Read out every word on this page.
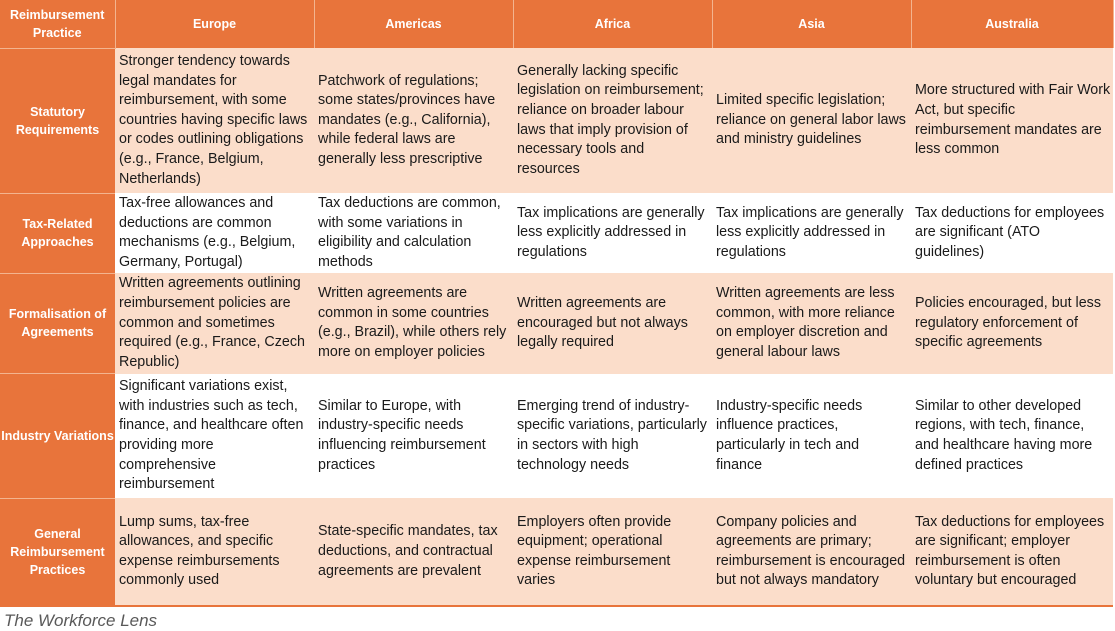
Reimbursement Practice	Europe	Americas	Africa	Asia	Australia
Statutory Requirements	Stronger tendency towards legal mandates for reimbursement, with some countries having specific laws or codes outlining obligations (e.g., France, Belgium, Netherlands)	Patchwork of regulations; some states/provinces have mandates (e.g., California), while federal laws are generally less prescriptive	Generally lacking specific legislation on reimbursement; reliance on broader labour laws that imply provision of necessary tools and resources	Limited specific legislation; reliance on general labor laws and ministry guidelines	More structured with Fair Work Act, but specific reimbursement mandates are less common
Tax-Related Approaches	Tax-free allowances and deductions are common mechanisms (e.g., Belgium, Germany, Portugal)	Tax deductions are common, with some variations in eligibility and calculation methods	Tax implications are generally less explicitly addressed in regulations	Tax implications are generally less explicitly addressed in regulations	Tax deductions for employees are significant (ATO guidelines)
Formalisation of Agreements	Written agreements outlining reimbursement policies are common and sometimes required (e.g., France, Czech Republic)	Written agreements are common in some countries (e.g., Brazil), while others rely more on employer policies	Written agreements are encouraged but not always legally required	Written agreements are less common, with more reliance on employer discretion and general labour laws	Policies encouraged, but less regulatory enforcement of specific agreements
Industry Variations	Significant variations exist, with industries such as tech, finance, and healthcare often providing more comprehensive reimbursement	Similar to Europe, with industry-specific needs influencing reimbursement practices	Emerging trend of industry-specific variations, particularly in sectors with high technology needs	Industry-specific needs influence practices, particularly in tech and finance	Similar to other developed regions, with tech, finance, and healthcare having more defined practices
General Reimbursement Practices	Lump sums, tax-free allowances, and specific expense reimbursements commonly used	State-specific mandates, tax deductions, and contractual agreements are prevalent	Employers often provide equipment; operational expense reimbursement varies	Company policies and agreements are primary; reimbursement is encouraged but not always mandatory	Tax deductions for employees are significant; employer reimbursement is often voluntary but encouraged
The Workforce Lens
